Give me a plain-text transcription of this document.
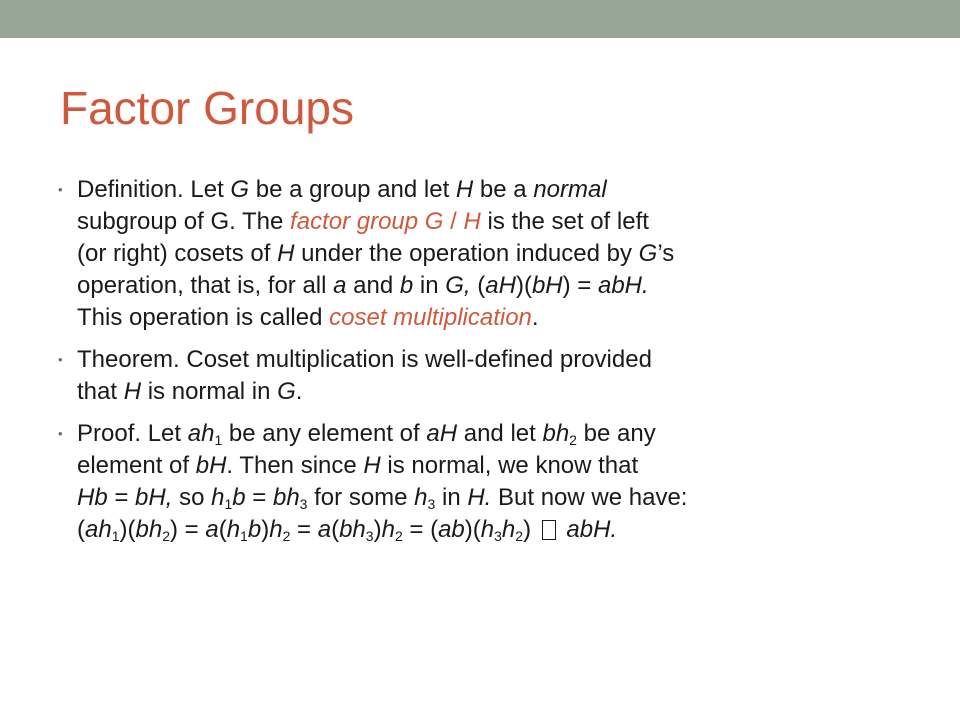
Factor Groups
• Definition. Let G be a group and let H be a normal
subgroup of G. The factor group G / H is the set of left
(or right) cosets of H under the operation induced by G’s
operation, that is, for all a and b in G, (aH)(bH) = abH.
This operation is called coset multiplication.
• Theorem. Coset multiplication is well-defined provided
that H is normal in G.
• Proof. Let $ah_1$ be any element of aH and let $bh_2$ be any
element of bH. Then since H is normal, we know that
Hb = bH, so $h_1b = bh_3$ for some $h_3$ in H. But now we have:
$(ah_1)(bh_2) = a(h_1b)h_2 = a(bh_3)h_2 = (ab)(h_3h_2)$ abH.
